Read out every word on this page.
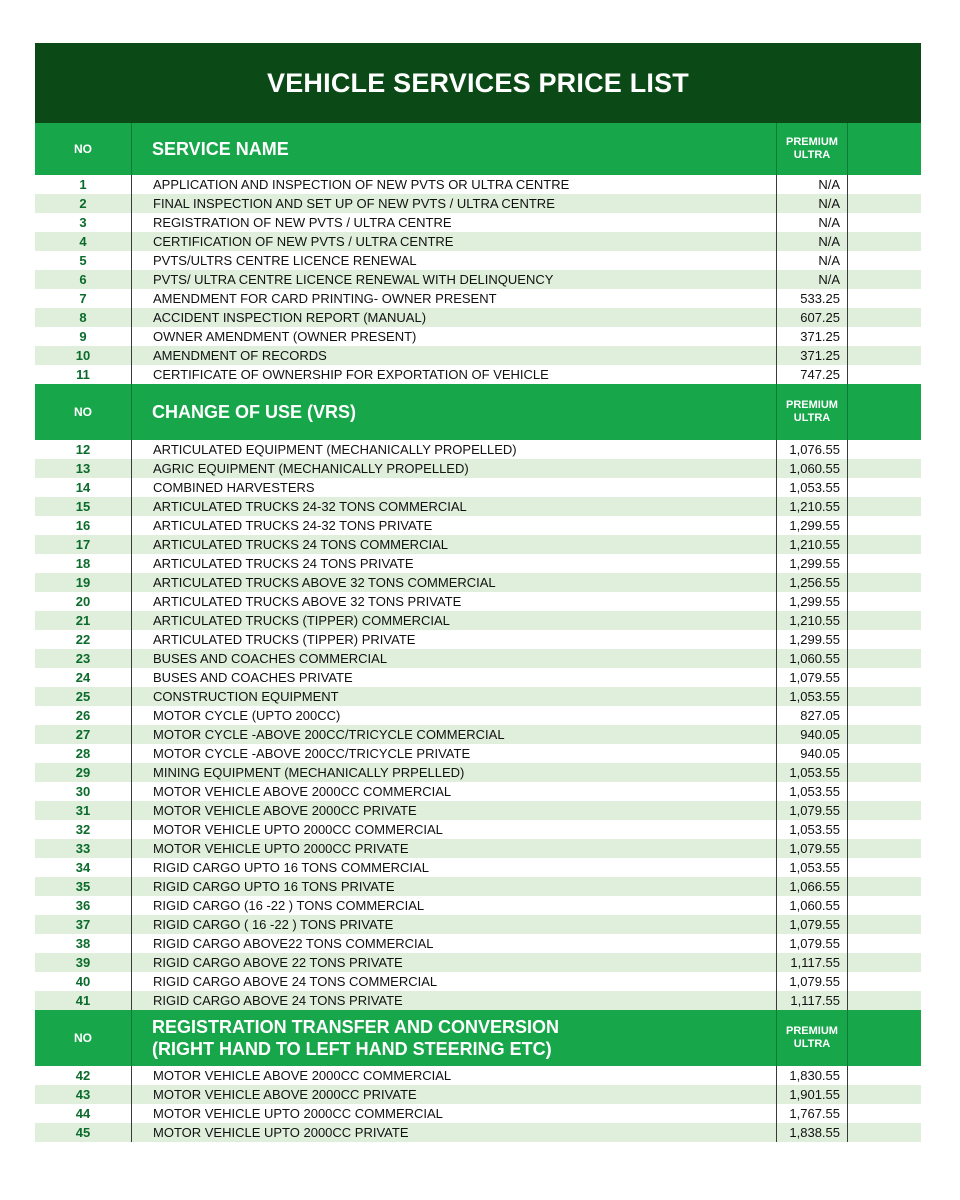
VEHICLE SERVICES PRICE LIST
NO	SERVICE NAME	PREMIUM
ULTRA
1	APPLICATION AND INSPECTION OF NEW PVTS OR ULTRA CENTRE	N/A
2	FINAL INSPECTION AND SET UP OF NEW PVTS / ULTRA CENTRE	N/A
3	REGISTRATION OF NEW PVTS / ULTRA CENTRE	N/A
4	CERTIFICATION OF NEW PVTS / ULTRA CENTRE	N/A
5	PVTS/ULTRS CENTRE LICENCE RENEWAL	N/A
6	PVTS/ ULTRA CENTRE LICENCE RENEWAL WITH DELINQUENCY	N/A
7	AMENDMENT FOR CARD PRINTING- OWNER PRESENT	533.25
8	ACCIDENT INSPECTION REPORT (MANUAL)	607.25
9	OWNER AMENDMENT (OWNER PRESENT)	371.25
10	AMENDMENT OF RECORDS	371.25
11	CERTIFICATE OF OWNERSHIP FOR EXPORTATION OF VEHICLE	747.25
NO	CHANGE OF USE (VRS)	PREMIUM
ULTRA
12	ARTICULATED EQUIPMENT (MECHANICALLY PROPELLED)	1,076.55
13	AGRIC EQUIPMENT (MECHANICALLY PROPELLED)	1,060.55
14	COMBINED HARVESTERS	1,053.55
15	ARTICULATED TRUCKS 24-32 TONS COMMERCIAL	1,210.55
16	ARTICULATED TRUCKS 24-32 TONS PRIVATE	1,299.55
17	ARTICULATED TRUCKS 24 TONS COMMERCIAL	1,210.55
18	ARTICULATED TRUCKS 24 TONS PRIVATE	1,299.55
19	ARTICULATED TRUCKS ABOVE 32 TONS COMMERCIAL	1,256.55
20	ARTICULATED TRUCKS ABOVE 32 TONS PRIVATE	1,299.55
21	ARTICULATED TRUCKS (TIPPER) COMMERCIAL	1,210.55
22	ARTICULATED TRUCKS (TIPPER) PRIVATE	1,299.55
23	BUSES AND COACHES COMMERCIAL	1,060.55
24	BUSES AND COACHES PRIVATE	1,079.55
25	CONSTRUCTION EQUIPMENT	1,053.55
26	MOTOR CYCLE (UPTO 200CC)	827.05
27	MOTOR CYCLE -ABOVE 200CC/TRICYCLE COMMERCIAL	940.05
28	MOTOR CYCLE -ABOVE 200CC/TRICYCLE PRIVATE	940.05
29	MINING EQUIPMENT (MECHANICALLY PRPELLED)	1,053.55
30	MOTOR VEHICLE ABOVE 2000CC COMMERCIAL	1,053.55
31	MOTOR VEHICLE ABOVE 2000CC PRIVATE	1,079.55
32	MOTOR VEHICLE UPTO 2000CC COMMERCIAL	1,053.55
33	MOTOR VEHICLE UPTO 2000CC PRIVATE	1,079.55
34	RIGID CARGO UPTO 16 TONS COMMERCIAL	1,053.55
35	RIGID CARGO UPTO 16 TONS PRIVATE	1,066.55
36	RIGID CARGO (16 -22 ) TONS COMMERCIAL	1,060.55
37	RIGID CARGO ( 16 -22 ) TONS PRIVATE	1,079.55
38	RIGID CARGO ABOVE22 TONS COMMERCIAL	1,079.55
39	RIGID CARGO ABOVE 22 TONS PRIVATE	1,117.55
40	RIGID CARGO ABOVE 24 TONS COMMERCIAL	1,079.55
41	RIGID CARGO ABOVE 24 TONS PRIVATE	1,117.55
NO
REGISTRATION TRANSFER AND CONVERSION
(RIGHT HAND TO LEFT HAND STEERING ETC)
PREMIUM
ULTRA
42	MOTOR VEHICLE ABOVE 2000CC COMMERCIAL	1,830.55
43	MOTOR VEHICLE ABOVE 2000CC PRIVATE	1,901.55
44	MOTOR VEHICLE UPTO 2000CC COMMERCIAL	1,767.55
45	MOTOR VEHICLE UPTO 2000CC PRIVATE	1,838.55
